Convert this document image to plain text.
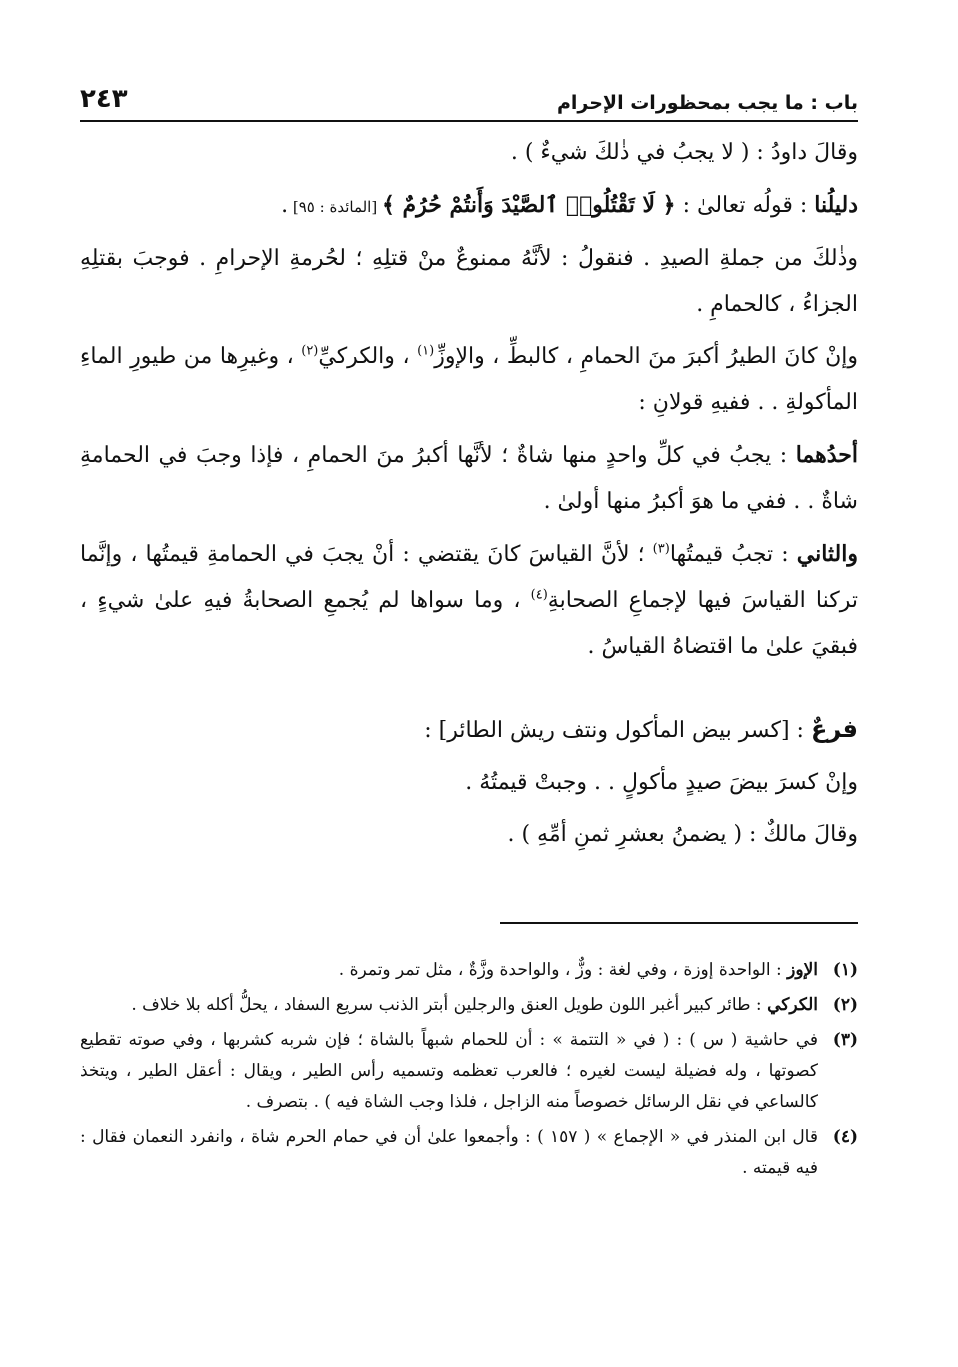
باب : ما يجب بمحظورات الإحرام
٢٤٣

وقالَ داودُ : ( لا يجبُ في ذٰلكَ شيءٌ ) .

دليلُنا : قولُه تعالىٰ : ﴿ لَا تَقْتُلُوا۟ ٱلصَّيْدَ وَأَنتُمْ حُرُمٌ ﴾ [المائدة : ٩٥] .

وذٰلكَ من جملةِ الصيدِ . فنقولُ : لأنَّهُ ممنوعٌ منْ قتلِهِ ؛ لحُرمةِ الإحرامِ . فوجبَ بقتلِهِ الجزاءُ ، كالحمامِ .

وإنْ كانَ الطيرُ أكبرَ منَ الحمامِ ، كالبطِّ ، والإوزِّ$^{(١)}$ ، والكركيِّ$^{(٢)}$ ، وغيرِها من طيورِ الماءِ المأكولةِ . . ففيهِ قولانِ :

أحدُهما : يجبُ في كلِّ واحدٍ منها شاةٌ ؛ لأنَّها أكبرُ منَ الحمامِ ، فإذا وجبَ في الحمامةِ شاةٌ . . ففي ما هوَ أكبرُ منها أولىٰ .

والثاني : تجبُ قيمتُها$^{(٣)}$ ؛ لأنَّ القياسَ كانَ يقتضي : أنْ يجبَ في الحمامةِ قيمتُها ، وإنَّما تركنا القياسَ فيها لإجماعِ الصحابةِ$^{(٤)}$ ، وما سواها لم يُجمعِ الصحابةُ فيهِ علىٰ شيءٍ ، فبقيَ علىٰ ما اقتضاهُ القياسُ .

فرعٌ : [كسر بيض المأكول ونتف ريش الطائر] :

وإنْ كسرَ بيضَ صيدٍ مأكولٍ . . وجبتْ قيمتُهُ .

وقالَ مالكٌ : ( يضمنُ بعشرِ ثمنِ أمِّهِ ) .

(١)
الإوز : الواحدة إوزة ، وفي لغة : وزٌّ ، والواحدة وزَّةٌ ، مثل تمر وتمرة .
(٢)
الكركي : طائر كبير أغبر اللون طويل العنق والرجلين أبتر الذنب سريع السفاد ، يحلُّ أكله بلا خلاف .
(٣)
في حاشية ( س ) : ( في « التتمة » : أن للحمام شبهاً بالشاة ؛ فإن شربه كشربها ، وفي صوته تقطيع كصوتها ، وله فضيلة ليست لغيره ؛ فالعرب تعظمه وتسميه رأس الطير ، ويقال : أعقل الطير ، ويتخذ كالساعي في نقل الرسائل خصوصاً منه الزاجل ، فلذا وجب الشاة فيه ) . بتصرف .
(٤)
قال ابن المنذر في « الإجماع » ( ١٥٧ ) : وأجمعوا علىٰ أن في حمام الحرم شاة ، وانفرد النعمان فقال : فيه قيمته .
